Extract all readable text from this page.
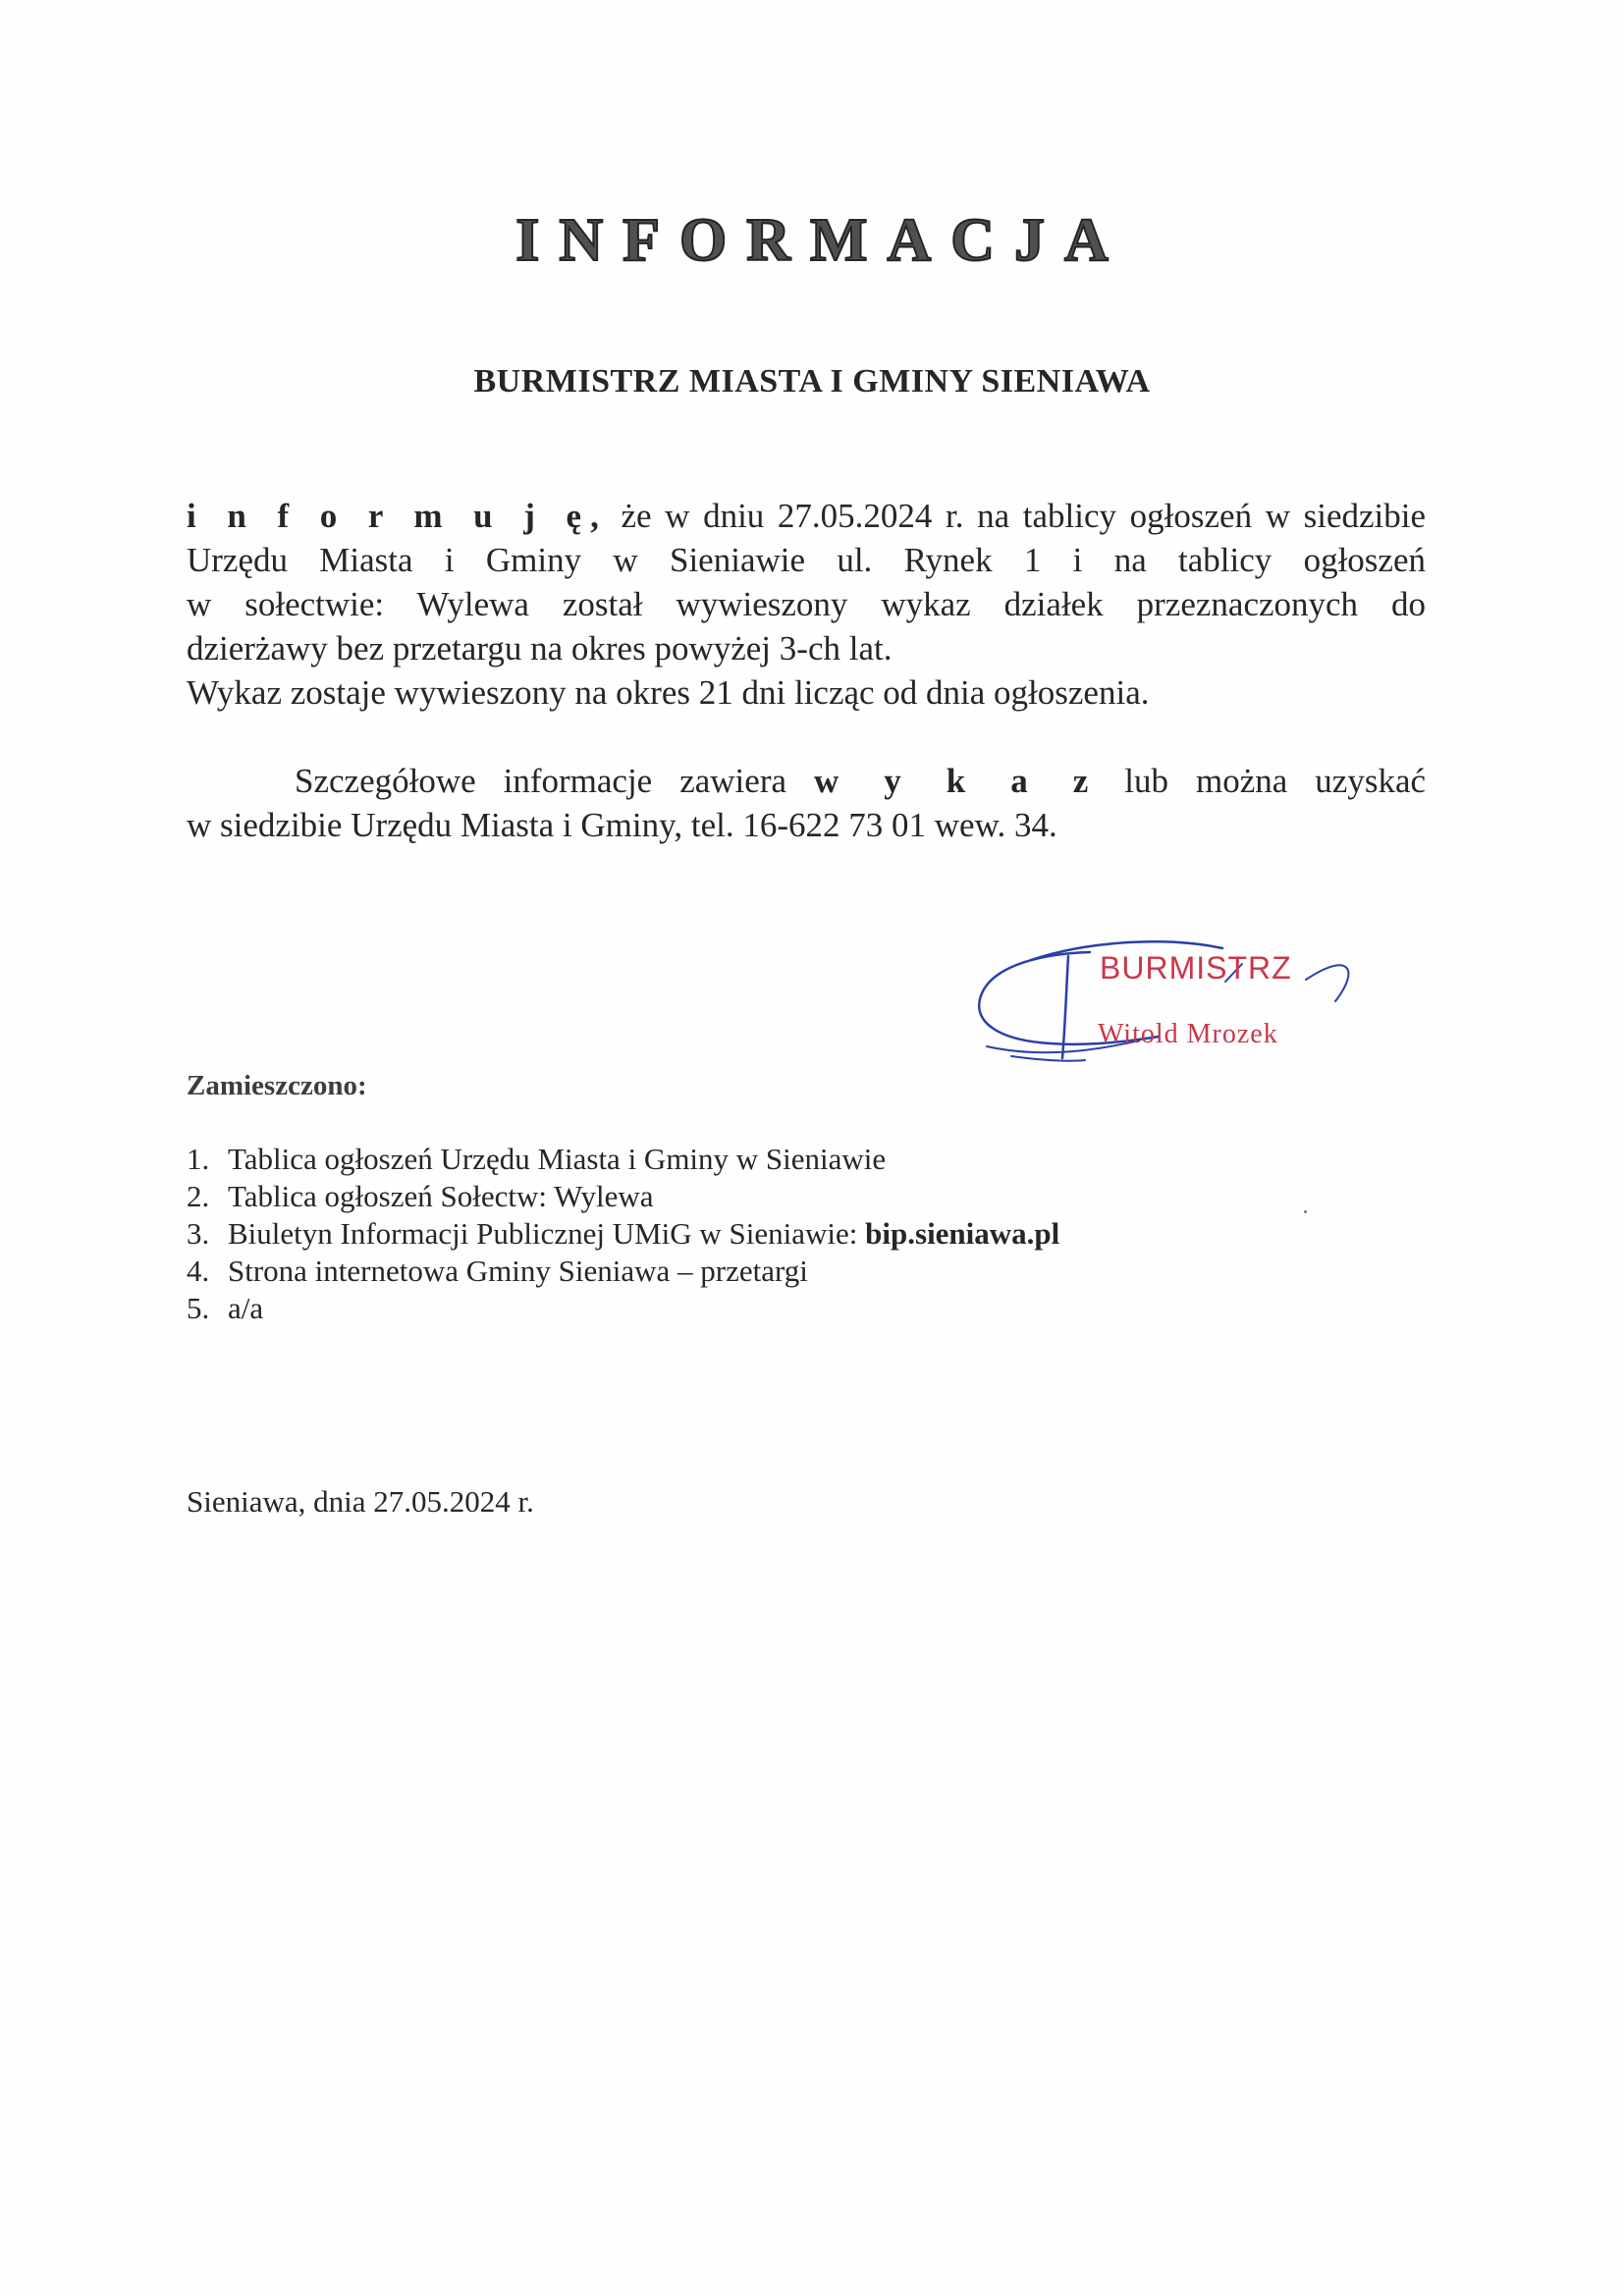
INFORMACJA
BURMISTRZ MIASTA I GMINY SIENIAWA
i n f o r m u j ę, że w dniu 27.05.2024 r. na tablicy ogłoszeń w siedzibie
Urzędu Miasta i Gminy w Sieniawie ul. Rynek 1 i na tablicy ogłoszeń
w sołectwie: Wylewa został wywieszony wykaz działek przeznaczonych do
dzierżawy bez przetargu na okres powyżej 3-ch lat.
Wykaz zostaje wywieszony na okres 21 dni licząc od dnia ogłoszenia.
Szczegółowe informacje zawiera w y k a z lub można uzyskać
w siedzibie Urzędu Miasta i Gminy, tel. 16-622 73 01 wew. 34.
BURMISTRZ
Witold Mrozek
Zamieszczono:
1. Tablica ogłoszeń Urzędu Miasta i Gminy w Sieniawie
2. Tablica ogłoszeń Sołectw: Wylewa
3. Biuletyn Informacji Publicznej UMiG w Sieniawie: bip.sieniawa.pl
4. Strona internetowa Gminy Sieniawa – przetargi
5. a/a
Sieniawa, dnia 27.05.2024 r.
